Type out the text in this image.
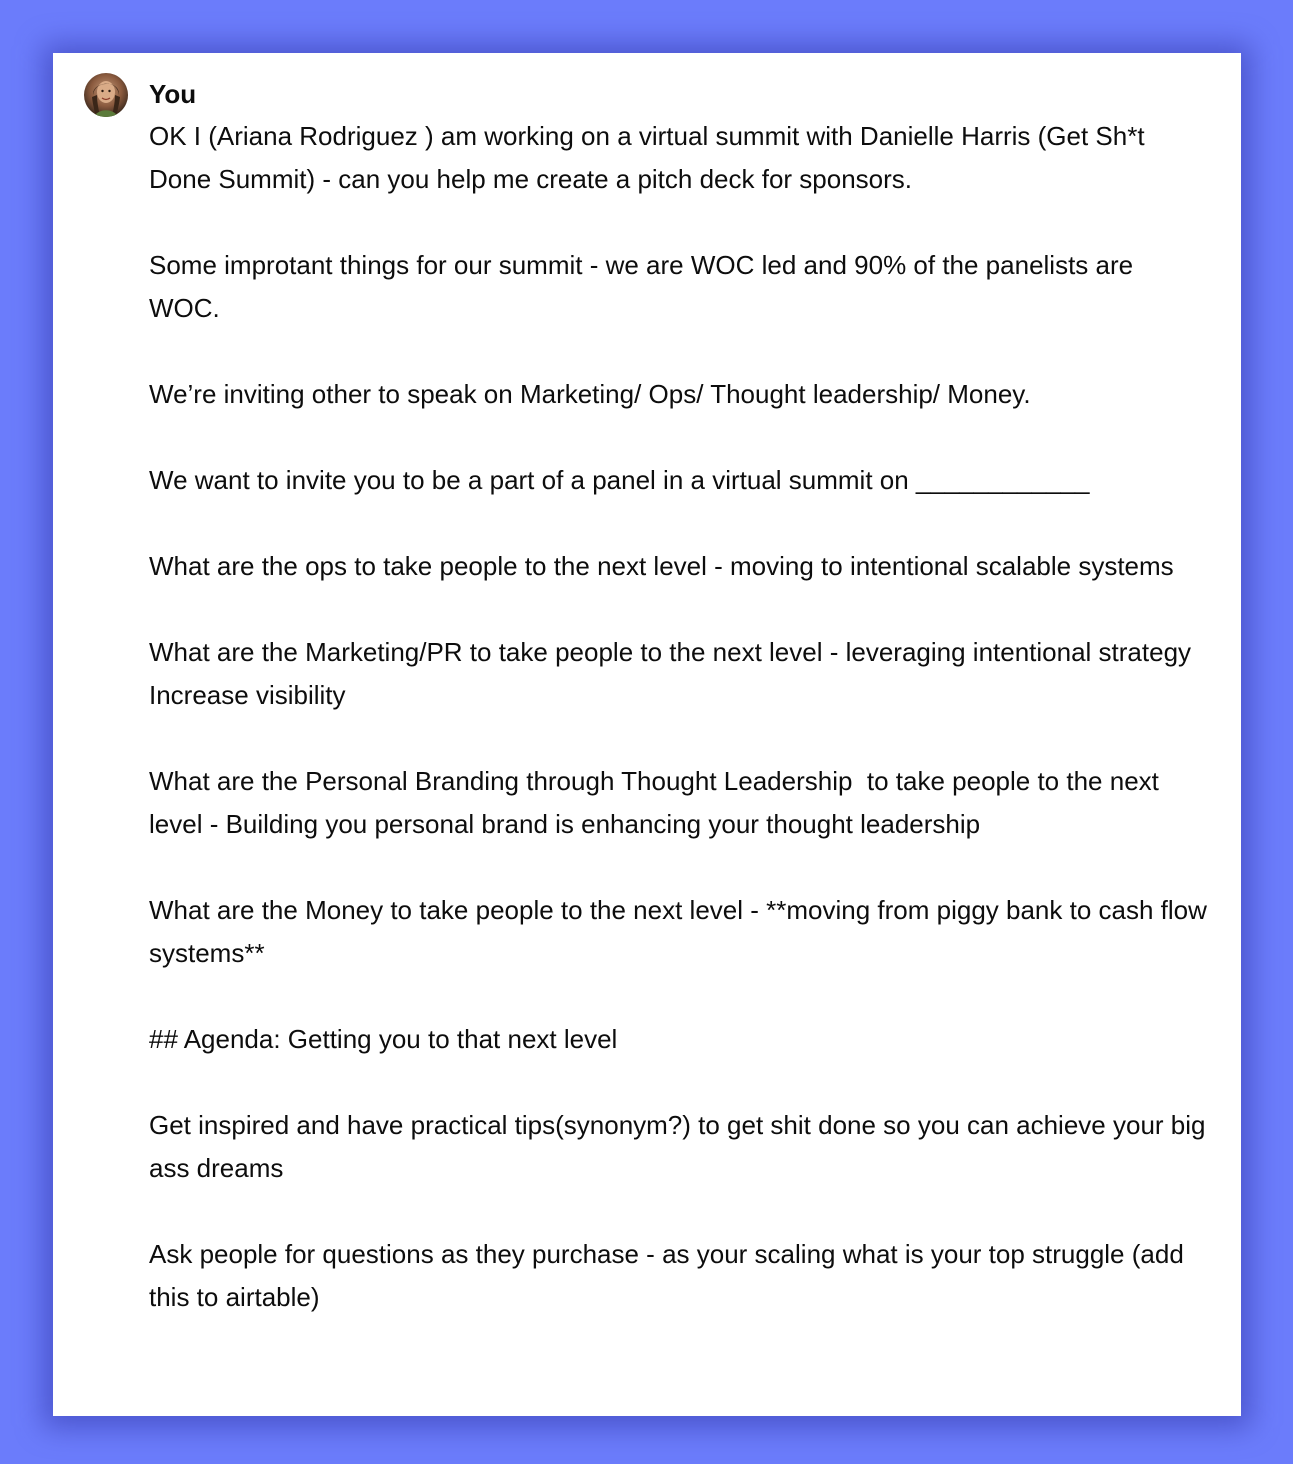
You

OK I (Ariana Rodriguez ) am working on a virtual summit with Danielle Harris (Get Sh*t Done Summit) - can you help me create a pitch deck for sponsors.

Some improtant things for our summit - we are WOC led and 90% of the panelists are WOC.

We’re inviting other to speak on Marketing/ Ops/ Thought leadership/ Money.

We want to invite you to be a part of a panel in a virtual summit on ____________

What are the ops to take people to the next level - moving to intentional scalable systems

What are the Marketing/PR to take people to the next level - leveraging intentional strategy Increase visibility

What are the Personal Branding through Thought Leadership  to take people to the next level - Building you personal brand is enhancing your thought leadership

What are the Money to take people to the next level - **moving from piggy bank to cash flow systems**

## Agenda: Getting you to that next level

Get inspired and have practical tips(synonym?) to get shit done so you can achieve your big ass dreams

Ask people for questions as they purchase - as your scaling what is your top struggle (add this to airtable)
